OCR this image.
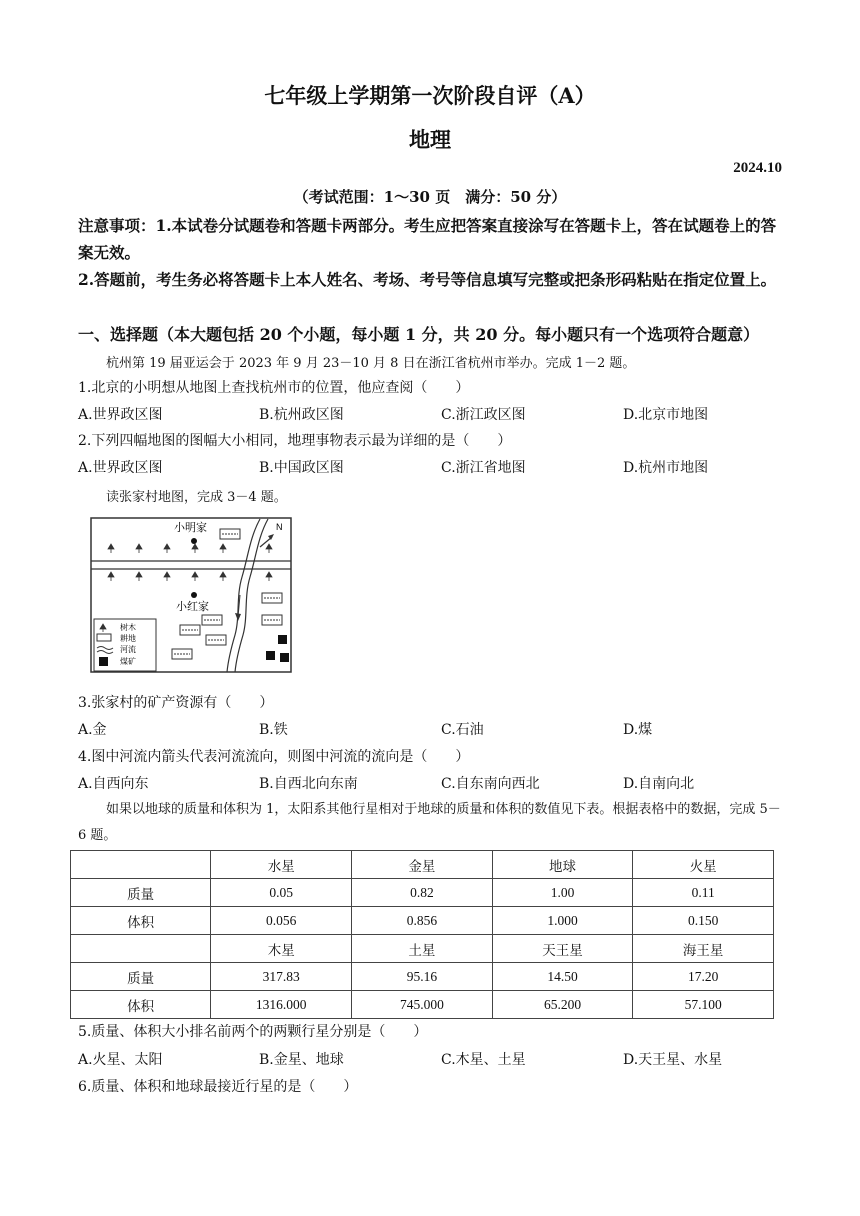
七年级上学期第一次阶段自评（A）
地理
2024.10
（考试范围：1～30 页　满分：50 分）
注意事项：1.本试卷分试题卷和答题卡两部分。考生应把答案直接涂写在答题卡上，答在试题卷上的答案无效。
2.答题前，考生务必将答题卡上本人姓名、考场、考号等信息填写完整或把条形码粘贴在指定位置上。
一、选择题（本大题包括 20 个小题，每小题 1 分，共 20 分。每小题只有一个选项符合题意）
杭州第 19 届亚运会于 2023 年 9 月 23－10 月 8 日在浙江省杭州市举办。完成 1－2 题。
1.北京的小明想从地图上查找杭州市的位置，他应查阅（　　）
A.世界政区图	B.杭州政区图	C.浙江政区图	D.北京市地图
2.下列四幅地图的图幅大小相同，地理事物表示最为详细的是（　　）
A.世界政区图	B.中国政区图	C.浙江省地图	D.杭州市地图
读张家村地图，完成 3－4 题。
N
小明家
小红家
树木
耕地
河流
煤矿
3.张家村的矿产资源有（　　）
A.金	B.铁	C.石油	D.煤
4.图中河流内箭头代表河流流向，则图中河流的流向是（　　）
A.自西向东	B.自西北向东南	C.自东南向西北	D.自南向北
如果以地球的质量和体积为 1，太阳系其他行星相对于地球的质量和体积的数值见下表。根据表格中的数据，完成 5－6 题。
	水星	金星	地球	火星
质量	0.05	0.82	1.00	0.11
体积	0.056	0.856	1.000	0.150
	木星	土星	天王星	海王星
质量	317.83	95.16	14.50	17.20
体积	1316.000	745.000	65.200	57.100
5.质量、体积大小排名前两个的两颗行星分别是（　　）
A.火星、太阳	B.金星、地球	C.木星、土星	D.天王星、水星
6.质量、体积和地球最接近行星的是（　　）
